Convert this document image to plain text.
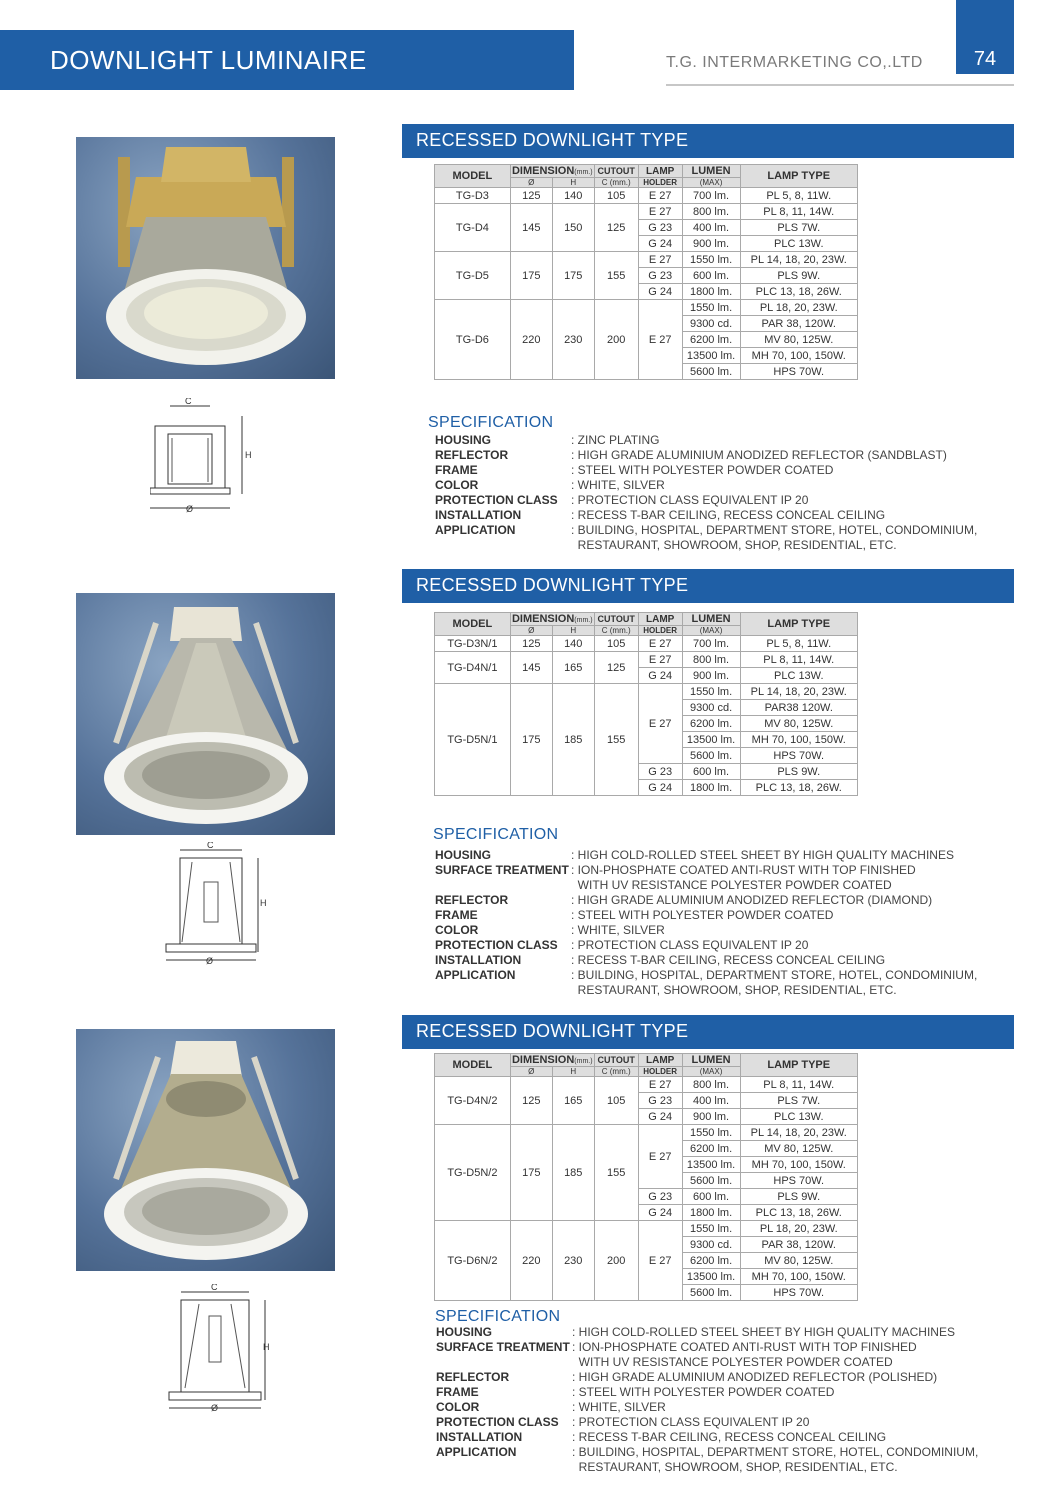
DOWNLIGHT LUMINAIRE	T.G. INTERMARKETING CO,.LTD	74
C
H
Ø
RECESSED DOWNLIGHT TYPE
MODEL	DIMENSION(mm.)		CUTOUT	LAMP	LUMEN	LAMP TYPE
	Ø	H	C (mm.)	HOLDER	(MAX)	
TG-D3	125	140	105	E 27	700 lm.	PL 5, 8, 11W.
TG-D4	145	150	125	E 27	800 lm.	PL 8, 11, 14W.
				G 23	400 lm.	PLS 7W.
				G 24	900 lm.	PLC 13W.
TG-D5	175	175	155	E 27	1550 lm.	PL 14, 18, 20, 23W.
				G 23	600 lm.	PLS 9W.
				G 24	1800 lm.	PLC 13, 18, 26W.
TG-D6	220	230	200	E 27	1550 lm.	PL 18, 20, 23W.
					9300 cd.	PAR 38, 120W.
					6200 lm.	MV 80, 125W.
					13500 lm.	MH 70, 100, 150W.
					5600 lm.	HPS 70W.
SPECIFICATION
HOUSING	: ZINC PLATING
REFLECTOR	: HIGH GRADE ALUMINIUM ANODIZED REFLECTOR (SANDBLAST)
FRAME	: STEEL WITH POLYESTER POWDER COATED
COLOR	: WHITE, SILVER
PROTECTION CLASS	: PROTECTION CLASS EQUIVALENT IP 20
INSTALLATION	: RECESS T-BAR CEILING, RECESS CONCEAL CEILING
APPLICATION	: BUILDING, HOSPITAL, DEPARTMENT STORE, HOTEL, CONDOMINIUM,
RESTAURANT, SHOWROOM, SHOP, RESIDENTIAL, ETC.
C
H
Ø
RECESSED DOWNLIGHT TYPE
MODEL	DIMENSION(mm.)		CUTOUT	LAMP	LUMEN	LAMP TYPE
	Ø	H	C (mm.)	HOLDER	(MAX)	
TG-D3N/1	125	140	105	E 27	700 lm.	PL 5, 8, 11W.
TG-D4N/1	145	165	125	E 27	800 lm.	PL 8, 11, 14W.
				G 24	900 lm.	PLC 13W.
TG-D5N/1	175	185	155	E 27	1550 lm.	PL 14, 18, 20, 23W.
					9300 cd.	PAR38 120W.
					6200 lm.	MV 80, 125W.
					13500 lm.	MH 70, 100, 150W.
					5600 lm.	HPS 70W.
				G 23	600 lm.	PLS 9W.
				G 24	1800 lm.	PLC 13, 18, 26W.
SPECIFICATION
HOUSING	: HIGH COLD-ROLLED STEEL SHEET BY HIGH QUALITY MACHINES
SURFACE TREATMENT : ION-PHOSPHATE COATED ANTI-RUST WITH TOP FINISHED
WITH UV RESISTANCE POLYESTER POWDER COATED
REFLECTOR	: HIGH GRADE ALUMINIUM ANODIZED REFLECTOR (DIAMOND)
FRAME	: STEEL WITH POLYESTER POWDER COATED
COLOR	: WHITE, SILVER
PROTECTION CLASS	: PROTECTION CLASS EQUIVALENT IP 20
INSTALLATION	: RECESS T-BAR CEILING, RECESS CONCEAL CEILING
APPLICATION	: BUILDING, HOSPITAL, DEPARTMENT STORE, HOTEL, CONDOMINIUM,
RESTAURANT, SHOWROOM, SHOP, RESIDENTIAL, ETC.
C
H
Ø
RECESSED DOWNLIGHT TYPE
MODEL	DIMENSION(mm.)		CUTOUT	LAMP	LUMEN	LAMP TYPE
	Ø	H	C (mm.)	HOLDER	(MAX)	
TG-D4N/2	125	165	105	E 27	800 lm.	PL 8, 11, 14W.
				G 23	400 lm.	PLS 7W.
				G 24	900 lm.	PLC 13W.
TG-D5N/2	175	185	155	E 27	1550 lm.	PL 14, 18, 20, 23W.
					6200 lm.	MV 80, 125W.
					13500 lm.	MH 70, 100, 150W.
					5600 lm.	HPS 70W.
				G 23	600 lm.	PLS 9W.
				G 24	1800 lm.	PLC 13, 18, 26W.
TG-D6N/2	220	230	200	E 27	1550 lm.	PL 18, 20, 23W.
					9300 cd.	PAR 38, 120W.
					6200 lm.	MV 80, 125W.
					13500 lm.	MH 70, 100, 150W.
					5600 lm.	HPS 70W.
SPECIFICATION
HOUSING	: HIGH COLD-ROLLED STEEL SHEET BY HIGH QUALITY MACHINES
SURFACE TREATMENT : ION-PHOSPHATE COATED ANTI-RUST WITH TOP FINISHED
WITH UV RESISTANCE POLYESTER POWDER COATED
REFLECTOR	: HIGH GRADE ALUMINIUM ANODIZED REFLECTOR (POLISHED)
FRAME	: STEEL WITH POLYESTER POWDER COATED
COLOR	: WHITE, SILVER
PROTECTION CLASS	: PROTECTION CLASS EQUIVALENT IP 20
INSTALLATION	: RECESS T-BAR CEILING, RECESS CONCEAL CEILING
APPLICATION	: BUILDING, HOSPITAL, DEPARTMENT STORE, HOTEL, CONDOMINIUM,
RESTAURANT, SHOWROOM, SHOP, RESIDENTIAL, ETC.
